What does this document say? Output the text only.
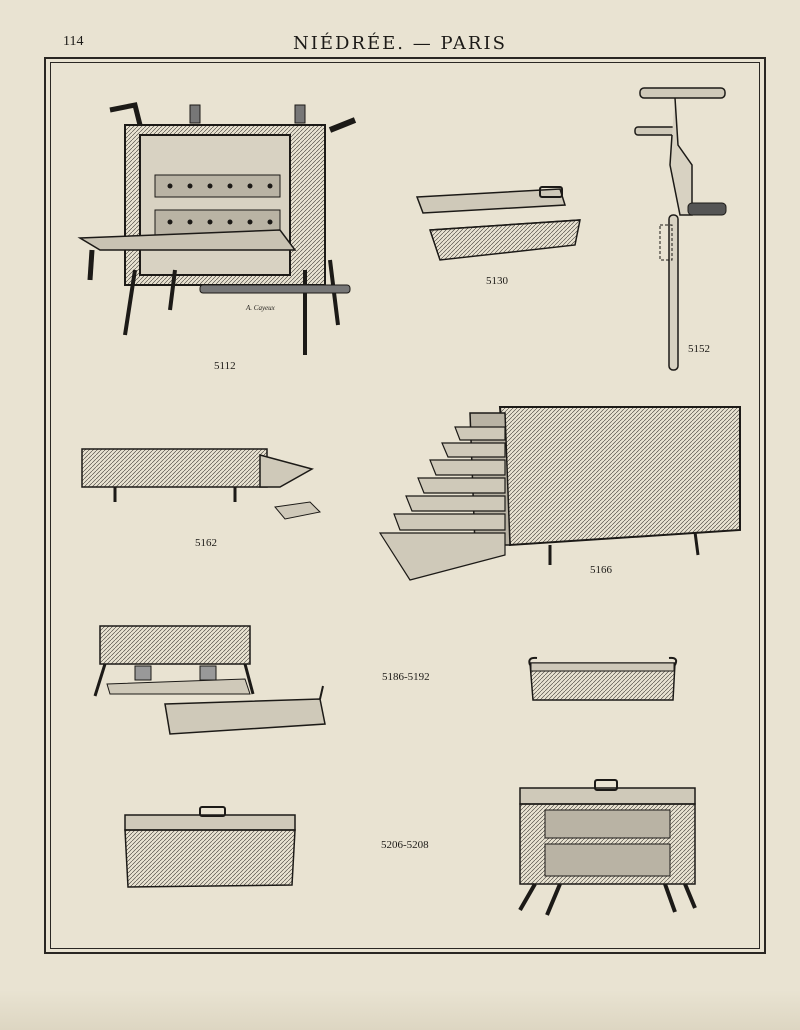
114	NIÉDRÉE. — PARIS
A. Cayeux
5112
5130
5152
5162
5166
5186-5192
5206-5208
